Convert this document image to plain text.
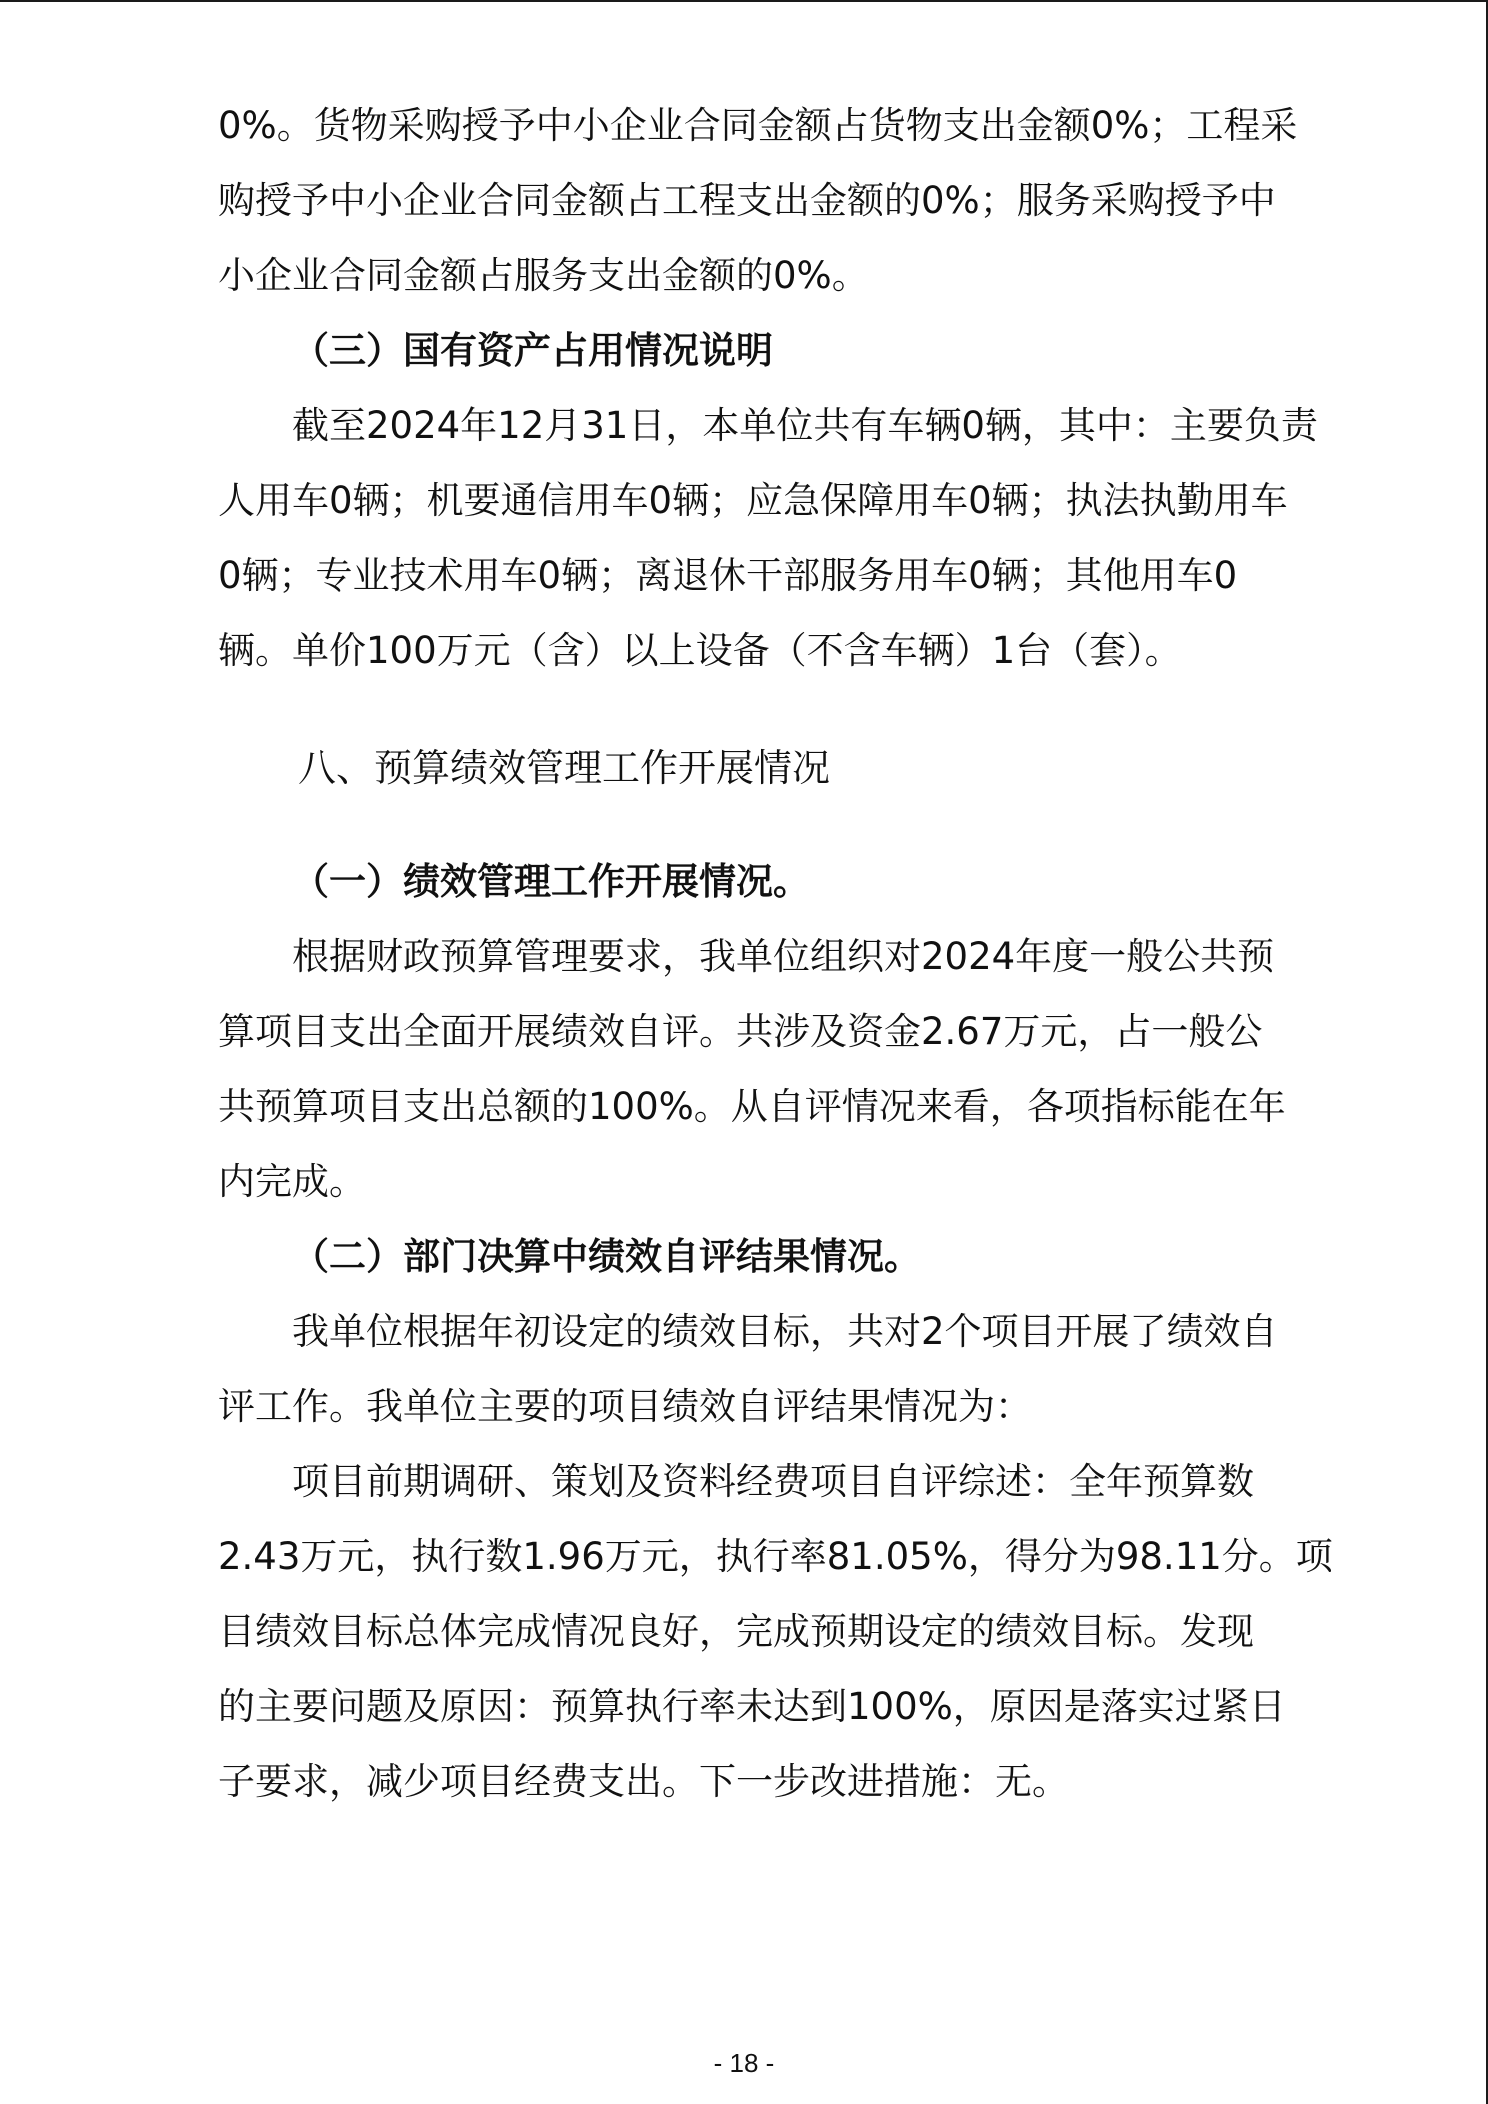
0%。货物采购授予中小企业合同金额占货物支出金额0%；工程采
购授予中小企业合同金额占工程支出金额的0%；服务采购授予中
小企业合同金额占服务支出金额的0%。
（三）国有资产占用情况说明
截至2024年12月31日，本单位共有车辆0辆，其中：主要负责
人用车0辆；机要通信用车0辆；应急保障用车0辆；执法执勤用车
0辆；专业技术用车0辆；离退休干部服务用车0辆；其他用车0
辆。单价100万元（含）以上设备（不含车辆）1台（套）。
八、预算绩效管理工作开展情况
（一）绩效管理工作开展情况。
根据财政预算管理要求，我单位组织对2024年度一般公共预
算项目支出全面开展绩效自评。共涉及资金2.67万元，占一般公
共预算项目支出总额的100%。从自评情况来看，各项指标能在年
内完成。
（二）部门决算中绩效自评结果情况。
我单位根据年初设定的绩效目标，共对2个项目开展了绩效自
评工作。我单位主要的项目绩效自评结果情况为：
项目前期调研、策划及资料经费项目自评综述：全年预算数
2.43万元，执行数1.96万元，执行率81.05%，得分为98.11分。项
目绩效目标总体完成情况良好，完成预期设定的绩效目标。发现
的主要问题及原因：预算执行率未达到100%，原因是落实过紧日
子要求，减少项目经费支出。下一步改进措施：无。
- 18 -
